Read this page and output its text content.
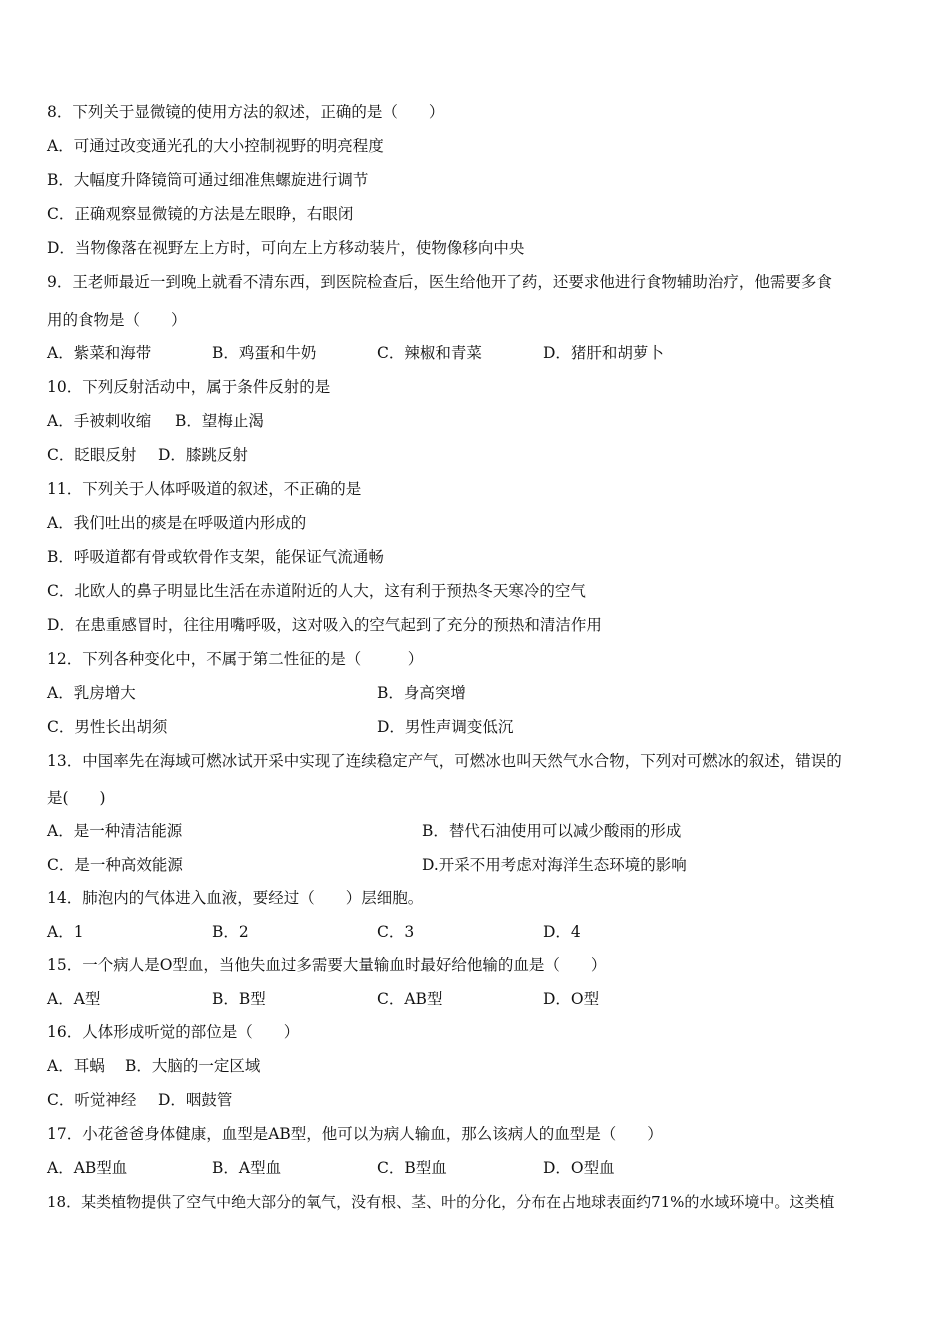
8．下列关于显微镜的使用方法的叙述，正确的是（　　）
A．可通过改变通光孔的大小控制视野的明亮程度
B．大幅度升降镜筒可通过细准焦螺旋进行调节
C．正确观察显微镜的方法是左眼睁，右眼闭
D．当物像落在视野左上方时，可向左上方移动装片，使物像移向中央
9．王老师最近一到晚上就看不清东西，到医院检查后，医生给他开了药，还要求他进行食物辅助治疗，他需要多食
用的食物是（　　）
A．紫菜和海带	B．鸡蛋和牛奶	C．辣椒和青菜	D．猪肝和胡萝卜
10．下列反射活动中，属于条件反射的是
A．手被刺收缩 B．望梅止渴
C．眨眼反射 D．膝跳反射
11．下列关于人体呼吸道的叙述，不正确的是
A．我们吐出的痰是在呼吸道内形成的
B．呼吸道都有骨或软骨作支架，能保证气流通畅
C．北欧人的鼻子明显比生活在赤道附近的人大，这有利于预热冬天寒冷的空气
D．在患重感冒时，往往用嘴呼吸，这对吸入的空气起到了充分的预热和清洁作用
12．下列各种变化中，不属于第二性征的是（　　　）
A．乳房增大	B．身高突增
C．男性长出胡须	D．男性声调变低沉
13．中国率先在海域可燃冰试开采中实现了连续稳定产气，可燃冰也叫天然气水合物，下列对可燃冰的叙述，错误的
是(　　)
A．是一种清洁能源	B．替代石油使用可以减少酸雨的形成
C．是一种高效能源	D.开采不用考虑对海洋生态环境的影响
14．肺泡内的气体进入血液，要经过（　　）层细胞。
A．1	B．2	C．3	D．4
15．一个病人是O型血，当他失血过多需要大量输血时最好给他输的血是（　　）
A．A型	B．B型	C．AB型	D．O型
16．人体形成听觉的部位是（　　）
A．耳蜗 B．大脑的一定区域
C．听觉神经 D．咽鼓管
17．小花爸爸身体健康，血型是AB型，他可以为病人输血，那么该病人的血型是（　　）
A．AB型血	B．A型血	C．B型血	D．O型血
18．某类植物提供了空气中绝大部分的氧气，没有根、茎、叶的分化，分布在占地球表面约71%的水域环境中。这类植
